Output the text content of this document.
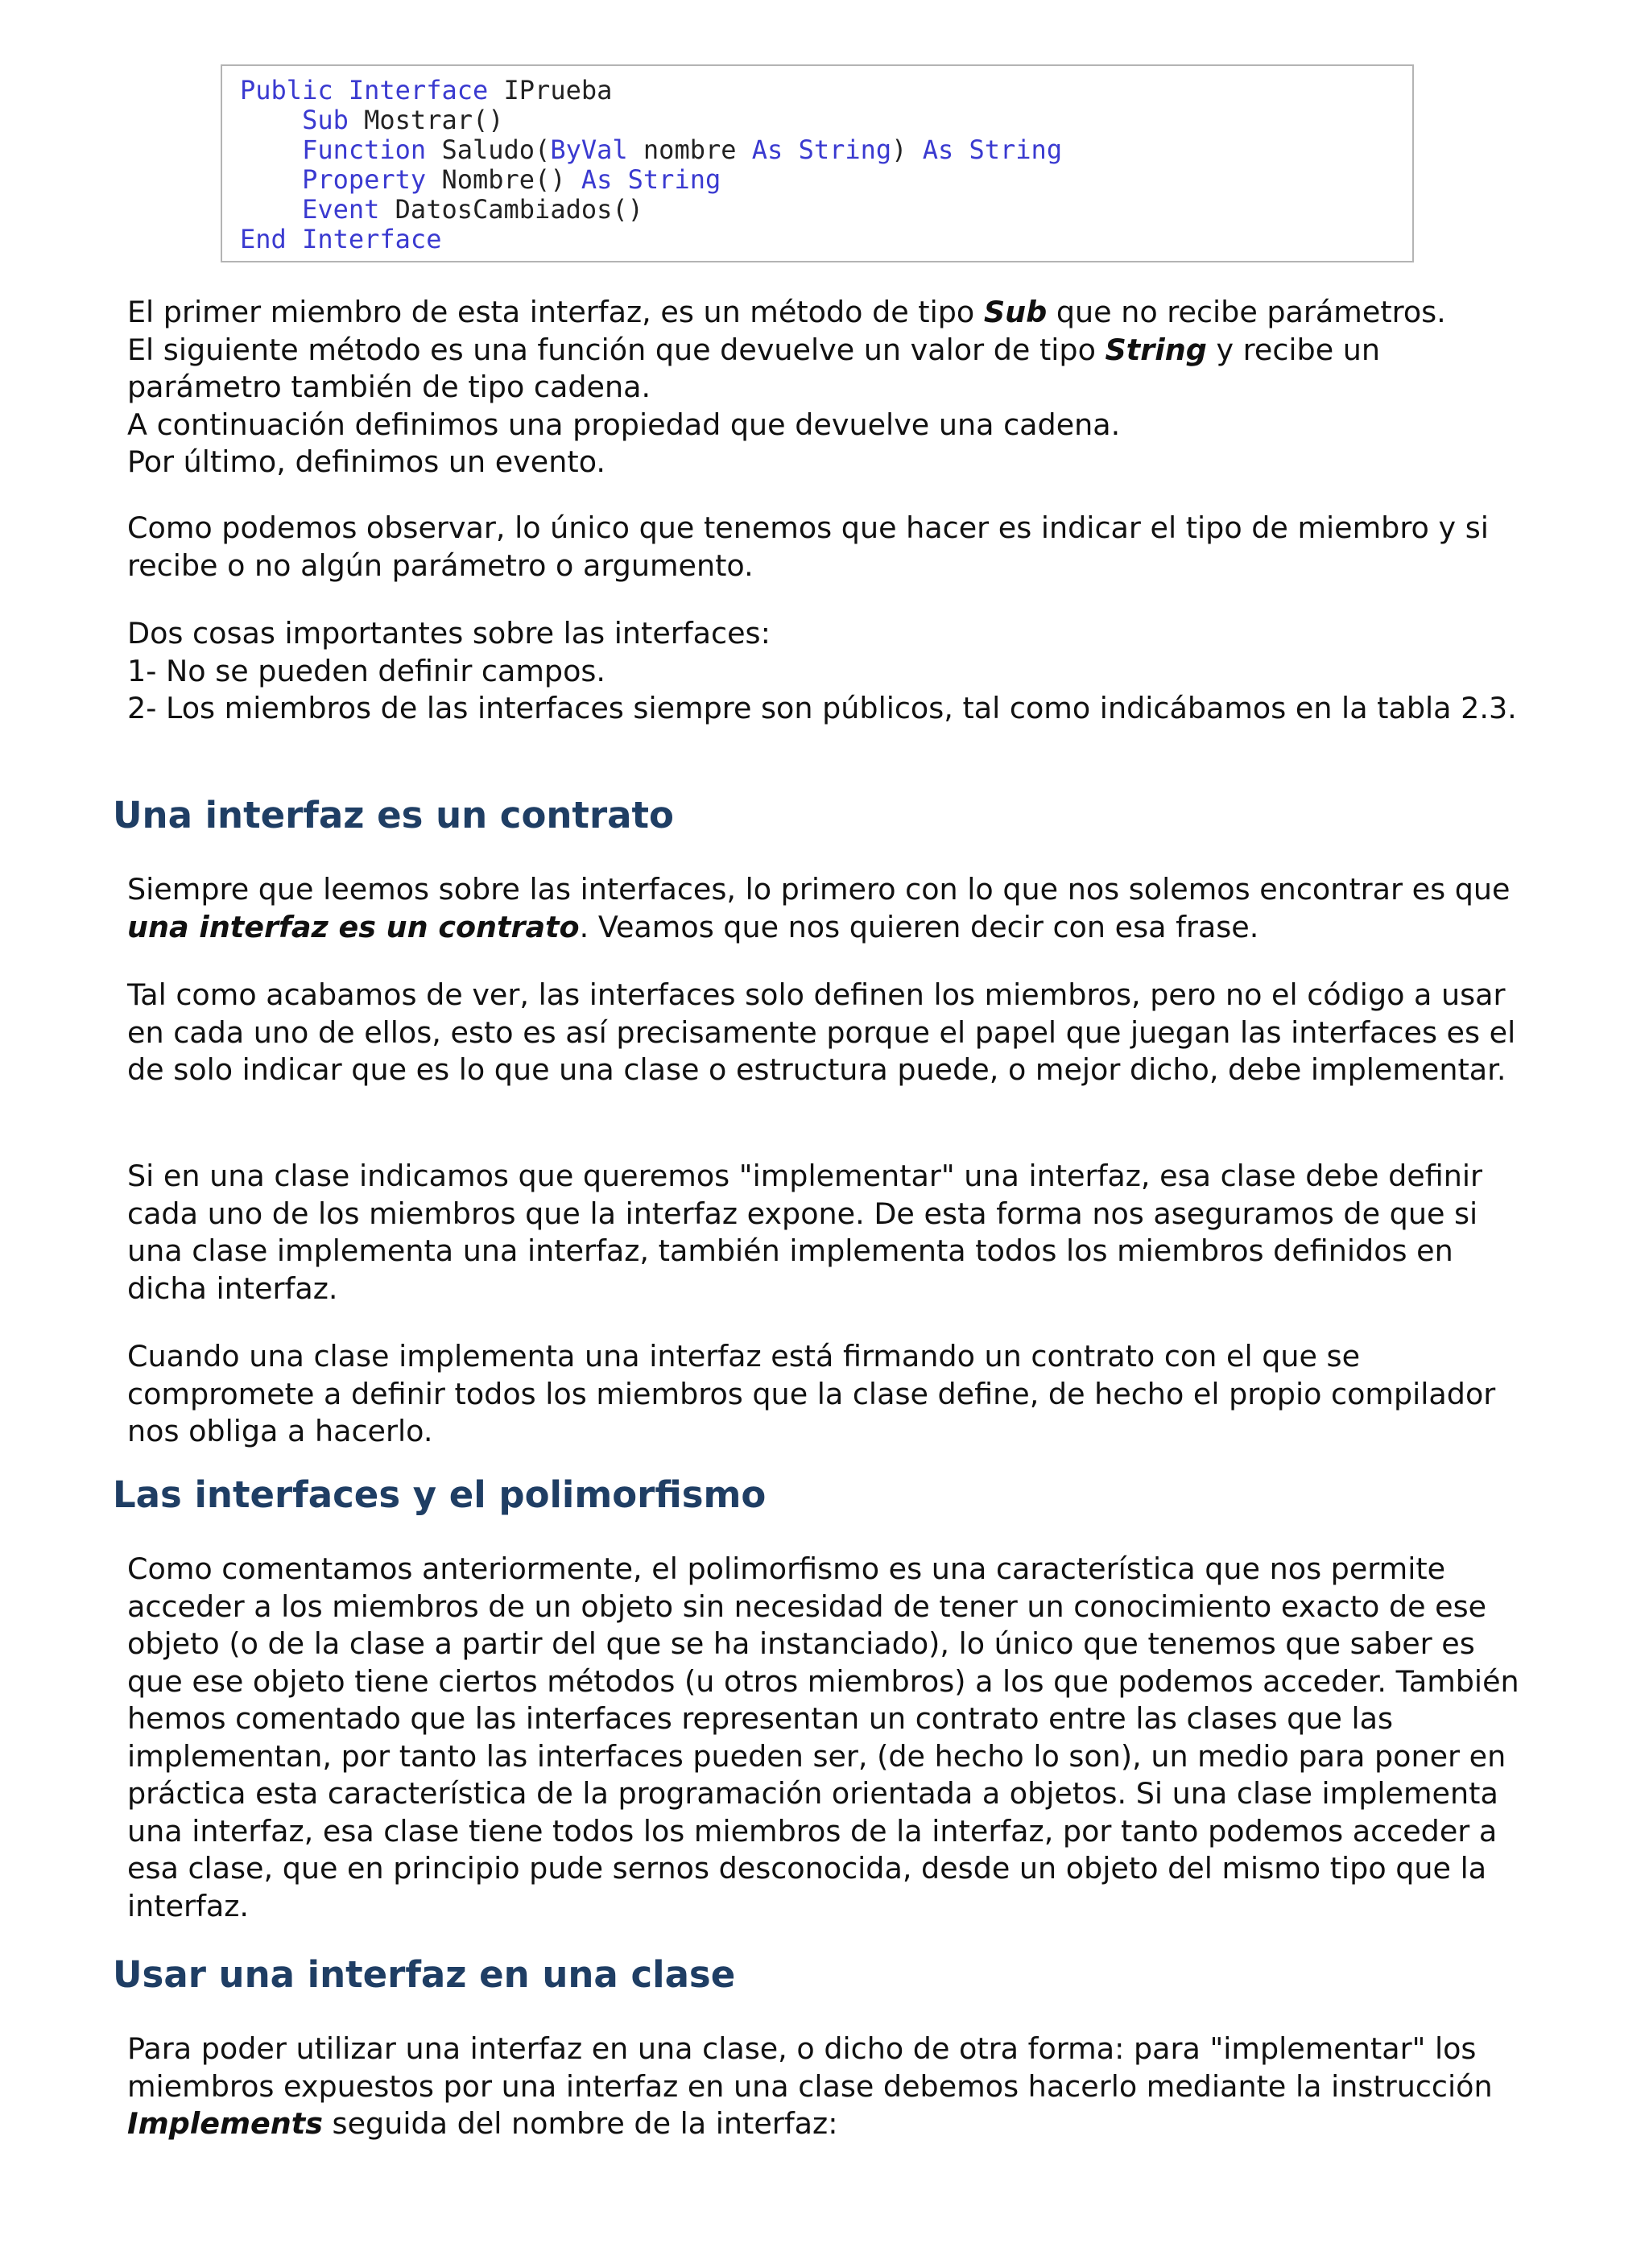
Public Interface IPrueba
Sub Mostrar()
Function Saludo(ByVal nombre As String) As String
Property Nombre() As String
Event DatosCambiados()
End Interface

El primer miembro de esta interfaz, es un método de tipo Sub que no recibe parámetros.

El siguiente método es una función que devuelve un valor de tipo String y recibe un parámetro también de tipo cadena.

A continuación definimos una propiedad que devuelve una cadena.

Por último, definimos un evento.

Como podemos observar, lo único que tenemos que hacer es indicar el tipo de miembro y si recibe o no algún parámetro o argumento.

Dos cosas importantes sobre las interfaces:

1- No se pueden definir campos.

2- Los miembros de las interfaces siempre son públicos, tal como indicábamos en la tabla 2.3.

Una interfaz es un contrato

Siempre que leemos sobre las interfaces, lo primero con lo que nos solemos encontrar es que una interfaz es un contrato. Veamos que nos quieren decir con esa frase.

Tal como acabamos de ver, las interfaces solo definen los miembros, pero no el código a usar en cada uno de ellos, esto es así precisamente porque el papel que juegan las interfaces es el de solo indicar que es lo que una clase o estructura puede, o mejor dicho, debe implementar.

Si en una clase indicamos que queremos "implementar" una interfaz, esa clase debe definir cada uno de los miembros que la interfaz expone. De esta forma nos aseguramos de que si una clase implementa una interfaz, también implementa todos los miembros definidos en dicha interfaz.

Cuando una clase implementa una interfaz está firmando un contrato con el que se compromete a definir todos los miembros que la clase define, de hecho el propio compilador nos obliga a hacerlo.

Las interfaces y el polimorfismo

Como comentamos anteriormente, el polimorfismo es una característica que nos permite acceder a los miembros de un objeto sin necesidad de tener un conocimiento exacto de ese objeto (o de la clase a partir del que se ha instanciado), lo único que tenemos que saber es que ese objeto tiene ciertos métodos (u otros miembros) a los que podemos acceder. También hemos comentado que las interfaces representan un contrato entre las clases que las implementan, por tanto las interfaces pueden ser, (de hecho lo son), un medio para poner en práctica esta característica de la programación orientada a objetos. Si una clase implementa una interfaz, esa clase tiene todos los miembros de la interfaz, por tanto podemos acceder a esa clase, que en principio pude sernos desconocida, desde un objeto del mismo tipo que la interfaz.

Usar una interfaz en una clase

Para poder utilizar una interfaz en una clase, o dicho de otra forma: para "implementar" los miembros expuestos por una interfaz en una clase debemos hacerlo mediante la instrucción Implements seguida del nombre de la interfaz:
